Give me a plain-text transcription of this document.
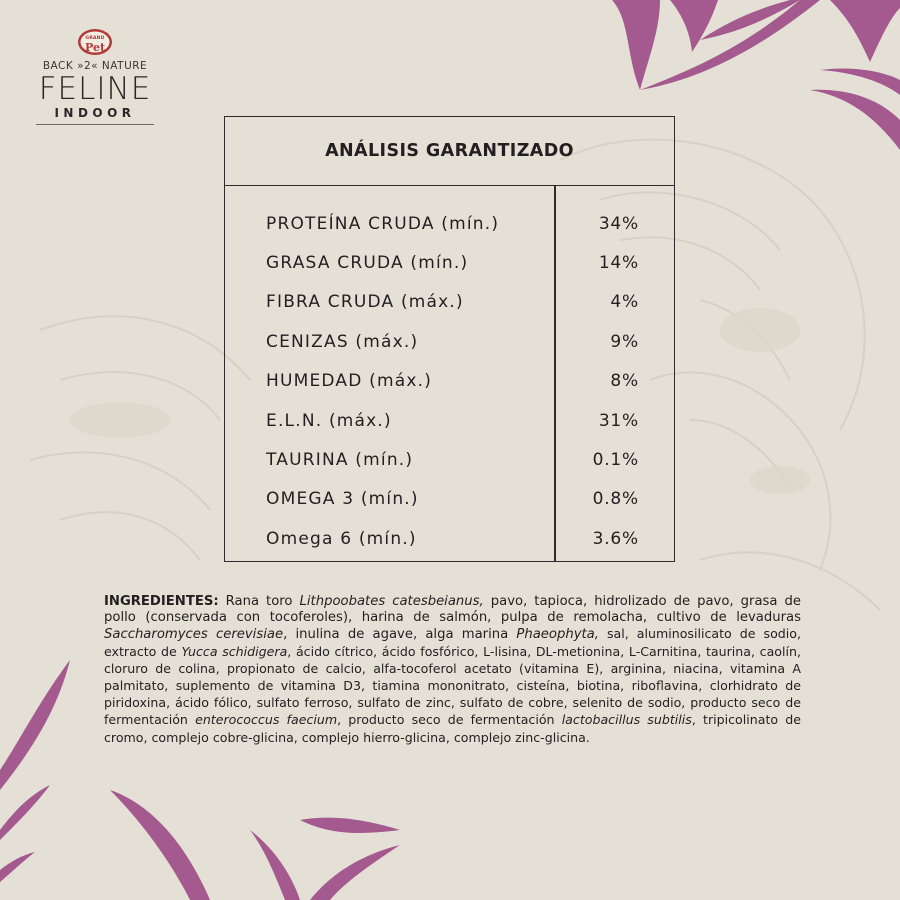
BACK »2« NATURE
FELINE
INDOOR
GRAND
Pet
ANÁLISIS GARANTIZADO
PROTEÍNA CRUDA (mín.)	34%
GRASA CRUDA (mín.)	14%
FIBRA CRUDA (máx.)	4%
CENIZAS (máx.)	9%
HUMEDAD (máx.)	8%
E.L.N. (máx.)	31%
TAURINA (mín.)	0.1%
OMEGA 3 (mín.)	0.8%
Omega 6 (mín.)	3.6%
INGREDIENTES: Rana toro Lithpoobates catesbeianus, pavo, tapioca, hidrolizado de pavo, grasa de pollo (conservada con tocoferoles), harina de salmón, pulpa de remolacha, cultivo de levaduras Saccharomyces cerevisiae, inulina de agave, alga marina Phaeophyta, sal, aluminosilicato de sodio, extracto de Yucca schidigera, ácido cítrico, ácido fosfórico, L-lisina, DL-metionina, L-Carnitina, taurina, caolín, cloruro de colina, propionato de calcio, alfa-tocoferol acetato (vitamina E), arginina, niacina, vitamina A palmitato, suplemento de vitamina D3, tiamina mononitrato, cisteína, biotina, riboflavina, clorhidrato de piridoxina, ácido fólico, sulfato ferroso, sulfato de zinc, sulfato de cobre, selenito de sodio, producto seco de fermentación enterococcus faecium, producto seco de fermentación lactobacillus subtilis, tripicolinato de cromo, complejo cobre-glicina, complejo hierro-glicina, complejo zinc-glicina.
